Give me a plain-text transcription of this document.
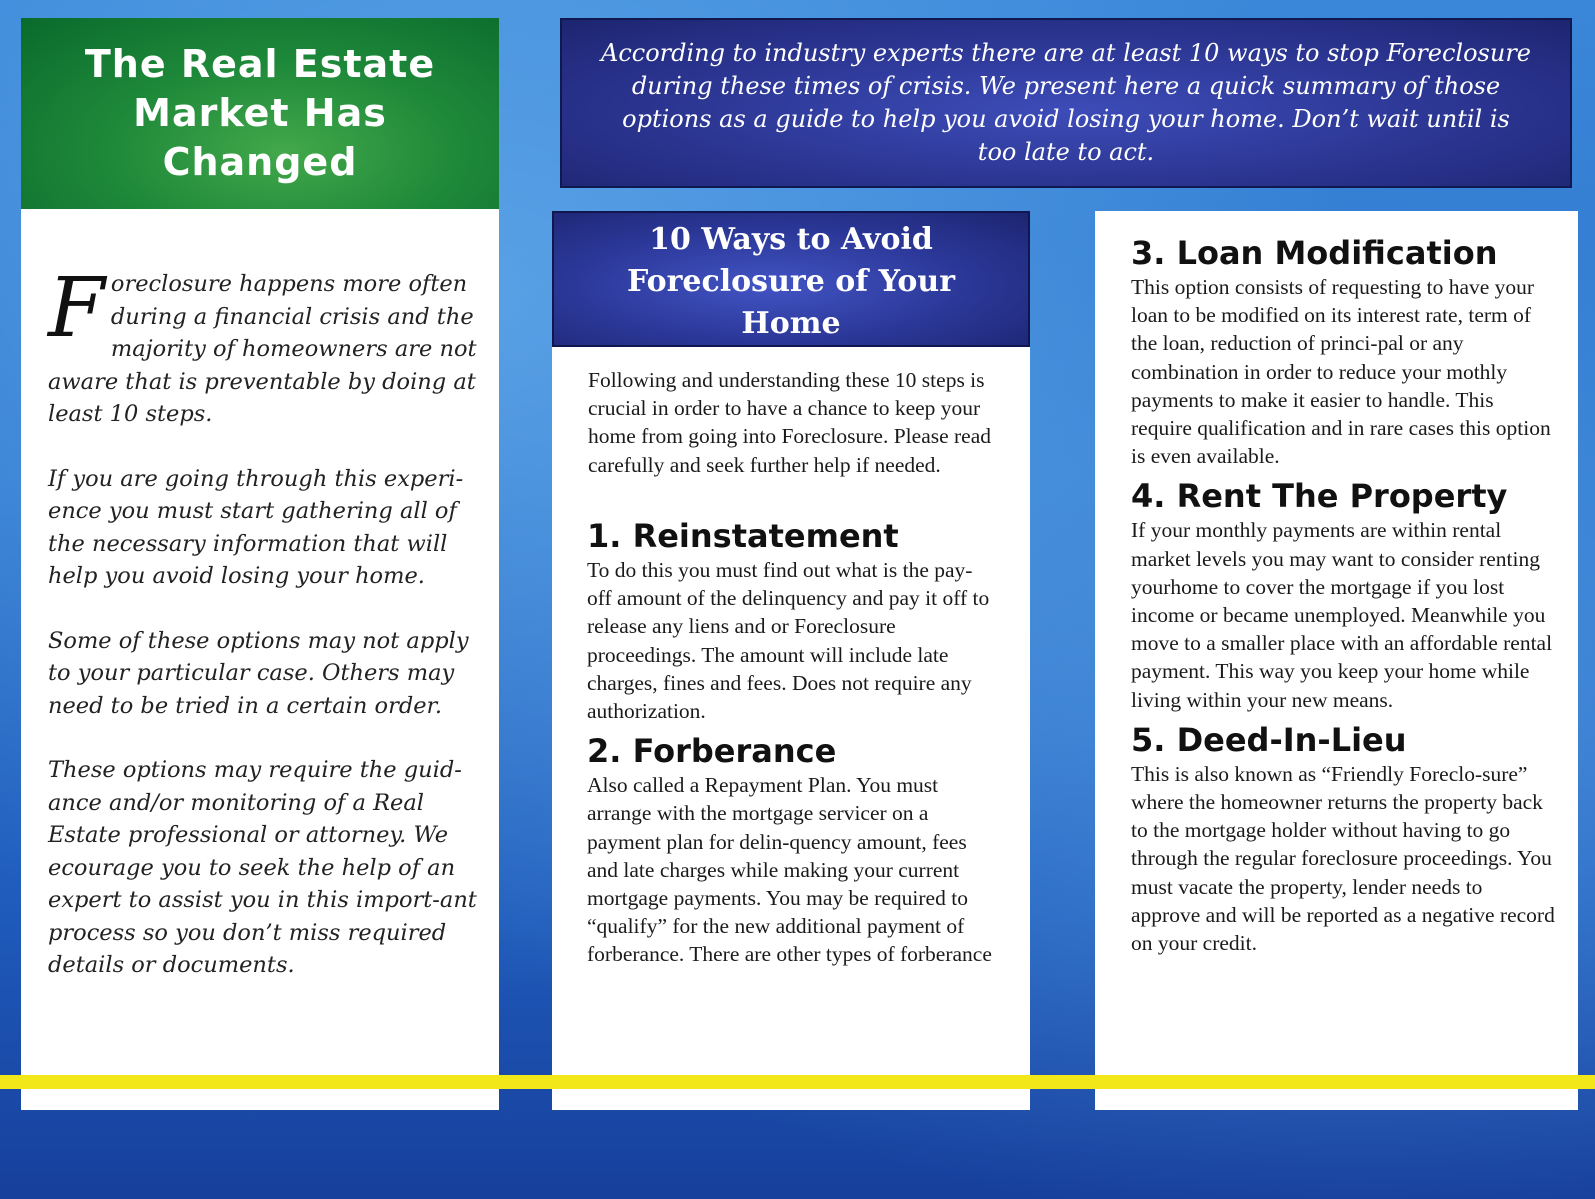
The Real Estate Market Has Changed

Foreclosure happens more often during a financial crisis and the majority of homeowners are not aware that is preventable by doing at least 10 steps.

If you are going through this experi-ence you must start gathering all of the necessary information that will help you avoid losing your home.

Some of these options may not apply to your particular case. Others may need to be tried in a certain order.

These options may require the guid-ance and/or monitoring of a Real Estate professional or attorney. We ecourage you to seek the help of an expert to assist you in this import-ant process so you don’t miss required details or documents.

According to industry experts there are at least 10 ways to stop Foreclosure during these times of crisis. We present here a quick summary of those options as a guide to help you avoid losing your home. Don’t wait until is too late to act.

10 Ways to Avoid Foreclosure of Your Home

Following and understanding these 10 steps is crucial in order to have a chance to keep your home from going into Foreclosure. Please read carefully and seek further help if needed.

1. Reinstatement

To do this you must find out what is the pay-off amount of the delinquency and pay it off to release any liens and or Foreclosure proceedings. The amount will include late charges, fines and fees. Does not require any authorization.

2. Forberance

Also called a Repayment Plan. You must arrange with the mortgage servicer on a payment plan for delin-quency amount, fees and late charges while making your current mortgage payments. You may be required to “qualify” for the new additional payment of forberance. There are other types of forberance

3. Loan Modification

This option consists of requesting to have your loan to be modified on its interest rate, term of the loan, reduction of princi-pal or any combination in order to reduce your mothly payments to make it easier to handle. This require qualification and in rare cases this option is even available.

4. Rent The Property

If your monthly payments are within rental market levels you may want to consider renting yourhome to cover the mortgage if you lost income or became unemployed. Meanwhile you move to a smaller place with an affordable rental payment. This way you keep your home while living within your new means.

5. Deed-In-Lieu

This is also known as “Friendly Foreclo-sure” where the homeowner returns the property back to the mortgage holder without having to go through the regular foreclosure proceedings. You must vacate the property, lender needs to approve and will be reported as a negative record on your credit.
